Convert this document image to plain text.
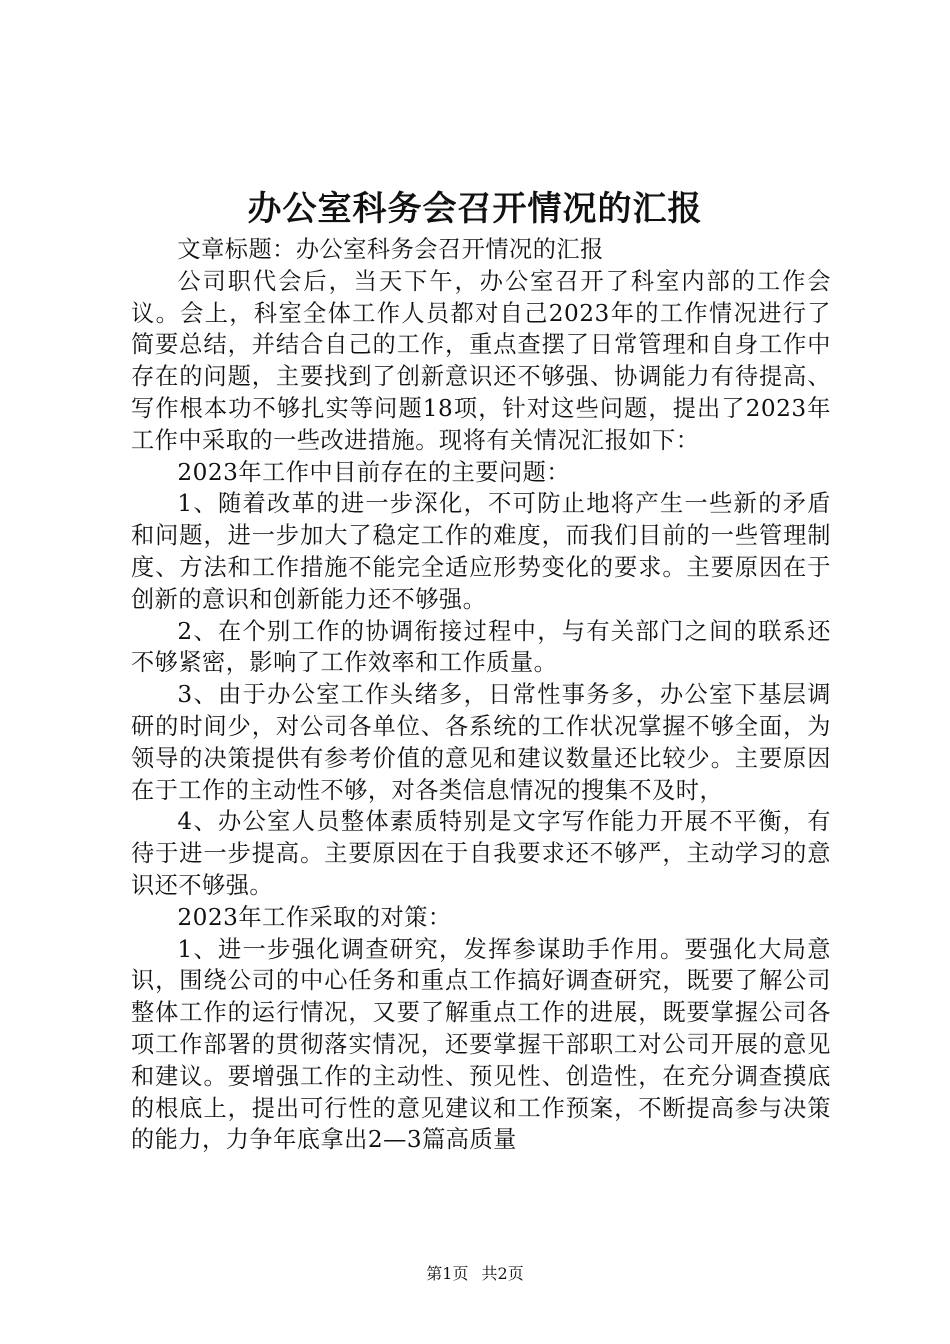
办公室科务会召开情况的汇报

文章标题：办公室科务会召开情况的汇报

公司职代会后，当天下午，办公室召开了科室内部的工作会议。会上，科室全体工作人员都对自己2023年的工作情况进行了简要总结，并结合自己的工作，重点查摆了日常管理和自身工作中存在的问题，主要找到了创新意识还不够强、协调能力有待提高、写作根本功不够扎实等问题18项，针对这些问题，提出了2023年工作中采取的一些改进措施。现将有关情况汇报如下：

2023年工作中目前存在的主要问题：

1、随着改革的进一步深化，不可防止地将产生一些新的矛盾和问题，进一步加大了稳定工作的难度，而我们目前的一些管理制度、方法和工作措施不能完全适应形势变化的要求。主要原因在于创新的意识和创新能力还不够强。

2、在个别工作的协调衔接过程中，与有关部门之间的联系还不够紧密，影响了工作效率和工作质量。

3、由于办公室工作头绪多，日常性事务多，办公室下基层调研的时间少，对公司各单位、各系统的工作状况掌握不够全面，为领导的决策提供有参考价值的意见和建议数量还比较少。主要原因在于工作的主动性不够，对各类信息情况的搜集不及时，

4、办公室人员整体素质特别是文字写作能力开展不平衡，有待于进一步提高。主要原因在于自我要求还不够严，主动学习的意识还不够强。

2023年工作采取的对策：

1、进一步强化调查研究，发挥参谋助手作用。要强化大局意识，围绕公司的中心任务和重点工作搞好调查研究，既要了解公司整体工作的运行情况，又要了解重点工作的进展，既要掌握公司各项工作部署的贯彻落实情况，还要掌握干部职工对公司开展的意见和建议。要增强工作的主动性、预见性、创造性，在充分调查摸底的根底上，提出可行性的意见建议和工作预案，不断提高参与决策的能力，力争年底拿出2—3篇高质量

第1页 共2页
